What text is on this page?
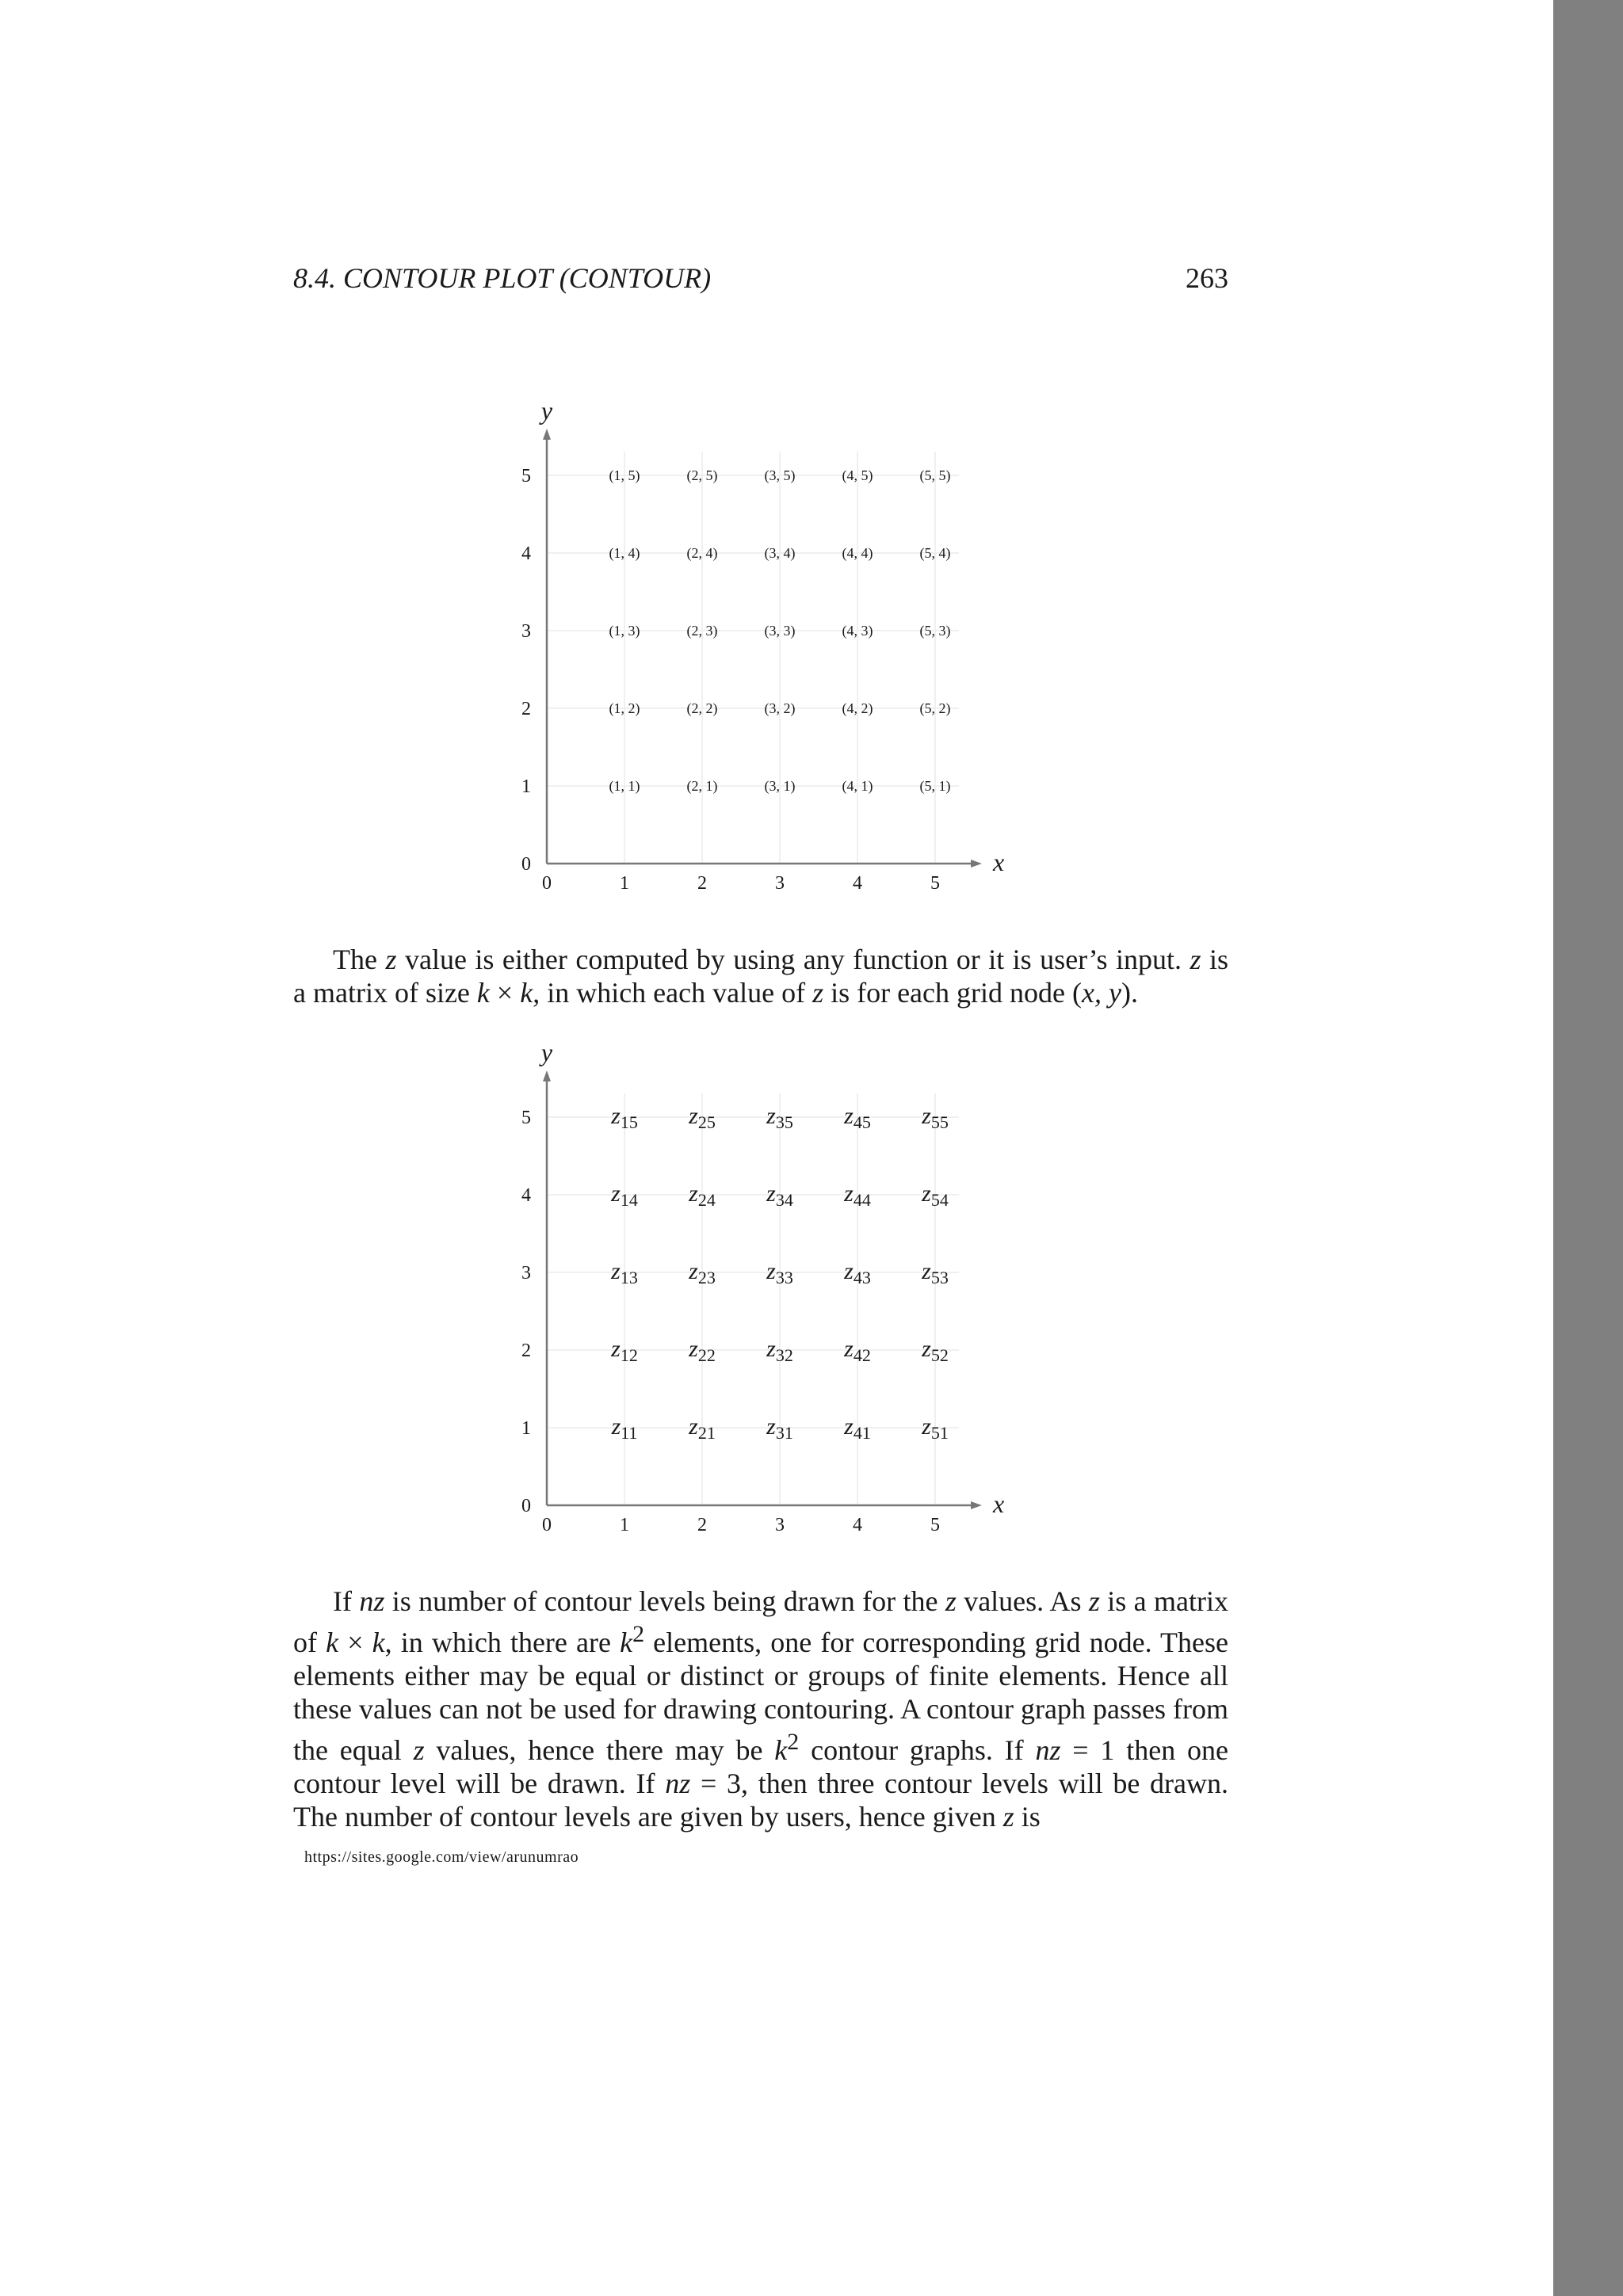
8.4. CONTOUR PLOT (CONTOUR)	263
x
y
0	1	2	3	4	5
0
1
2
3
4
5	(1, 5)	(2, 5)	(3, 5)	(4, 5)	(5, 5)
(1, 4)	(2, 4)	(3, 4)	(4, 4)	(5, 4)
(1, 3)	(2, 3)	(3, 3)	(4, 3)	(5, 3)
(1, 2)	(2, 2)	(3, 2)	(4, 2)	(5, 2)
(1, 1)	(2, 1)	(3, 1)	(4, 1)	(5, 1)

The z value is either computed by using any function or it is user’s input. z is a matrix of size k × k, in which each value of z is for each grid node (x, y).

x
y
0	1	2	3	4	5
0
1
2
3
4
5	z15 z25 z35 z45 z55
z14 z24 z34 z44 z54
z13 z23 z33 z43 z53
z12 z22 z32 z42 z52
z11 z21 z31 z41 z51

If nz is number of contour levels being drawn for the z values. As z is a matrix of k × k, in which there are $k^2$ elements, one for corresponding grid node. These elements either may be equal or distinct or groups of finite elements. Hence all these values can not be used for drawing contouring. A contour graph passes from the equal z values, hence there may be $k^2$ contour graphs. If nz = 1 then one contour level will be drawn. If nz = 3, then three contour levels will be drawn. The number of contour levels are given by users, hence given z is

https://sites.google.com/view/arunumrao
